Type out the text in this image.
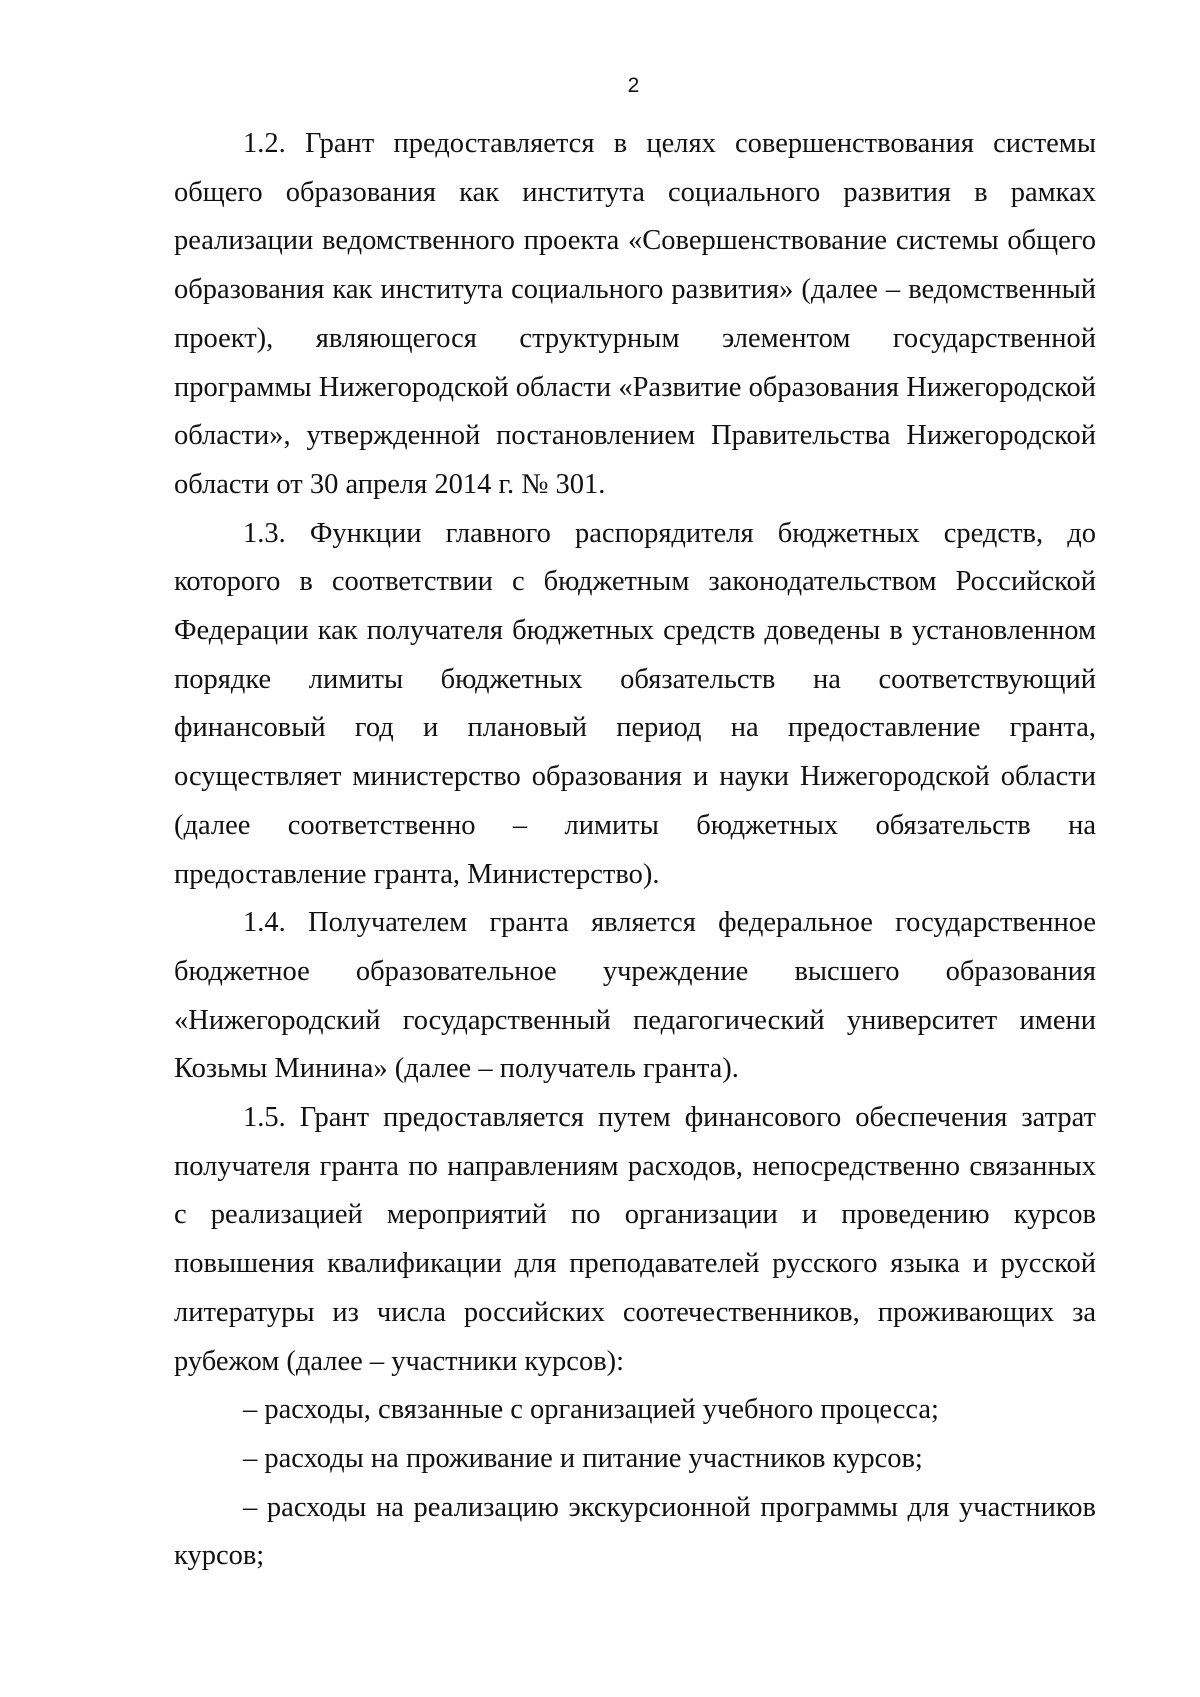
2

1.2. Грант предоставляется в целях совершенствования системы общего образования как института социального развития в рамках реализации ведомственного проекта «Совершенствование системы общего образования как института социального развития» (далее – ведомственный проект), являющегося структурным элементом государственной программы Нижегородской области «Развитие образования Нижегородской области», утвержденной постановлением Правительства Нижегородской области от 30 апреля 2014 г. № 301.

1.3. Функции главного распорядителя бюджетных средств, до которого в соответствии с бюджетным законодательством Российской Федерации как получателя бюджетных средств доведены в установленном порядке лимиты бюджетных обязательств на соответствующий финансовый год и плановый период на предоставление гранта, осуществляет министерство образования и науки Нижегородской области (далее соответственно – лимиты бюджетных обязательств на предоставление гранта, Министерство).

1.4. Получателем гранта является федеральное государственное бюджетное образовательное учреждение высшего образования «Нижегородский государственный педагогический университет имени Козьмы Минина» (далее – получатель гранта).

1.5. Грант предоставляется путем финансового обеспечения затрат получателя гранта по направлениям расходов, непосредственно связанных с реализацией мероприятий по организации и проведению курсов повышения квалификации для преподавателей русского языка и русской литературы из числа российских соотечественников, проживающих за рубежом (далее – участники курсов):

– расходы, связанные с организацией учебного процесса;

– расходы на проживание и питание участников курсов;

– расходы на реализацию экскурсионной программы для участников курсов;
